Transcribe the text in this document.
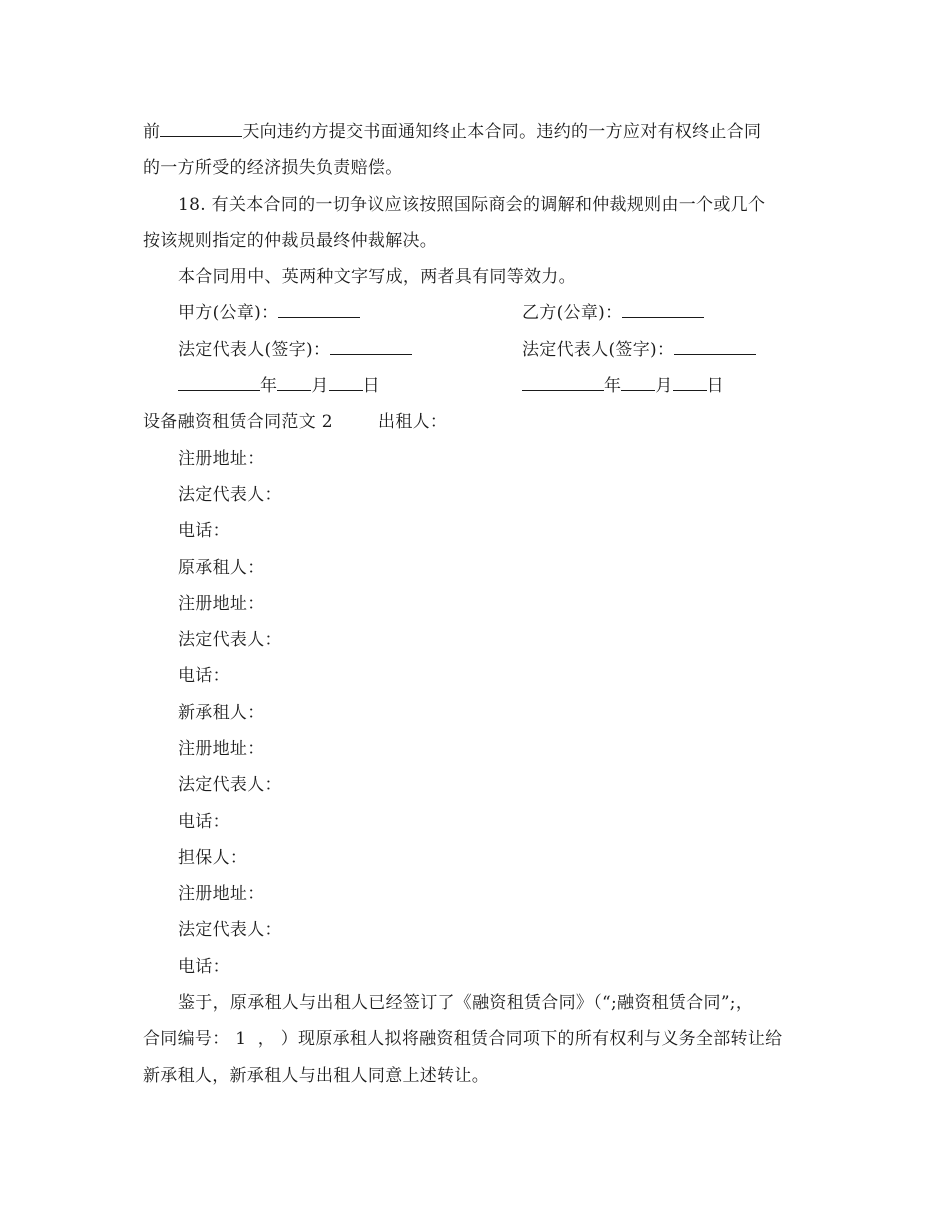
前	天向违约方提交书面通知终止本合同。违约的一方应对有权终止合同
的一方所受的经济损失负责赔偿。
18. 有关本合同的一切争议应该按照国际商会的调解和仲裁规则由一个或几个
按该规则指定的仲裁员最终仲裁解决。
本合同用中、英两种文字写成，两者具有同等效力。
甲方(公章)：	乙方(公章)：
法定代表人(签字)：	法定代表人(签字)：
年 月 日	年 月 日
设备融资租赁合同范文 2	出租人：
注册地址：
法定代表人：
电话：
原承租人：
注册地址：
法定代表人：
电话：
新承租人：
注册地址：
法定代表人：
电话：
担保人：
注册地址：
法定代表人：
电话：
鉴于，原承租人与出租人已经签订了《融资租赁合同》（“;融资租赁合同”;，
合同编号： 1  ， ）现原承租人拟将融资租赁合同项下的所有权利与义务全部转让给
新承租人，新承租人与出租人同意上述转让。
